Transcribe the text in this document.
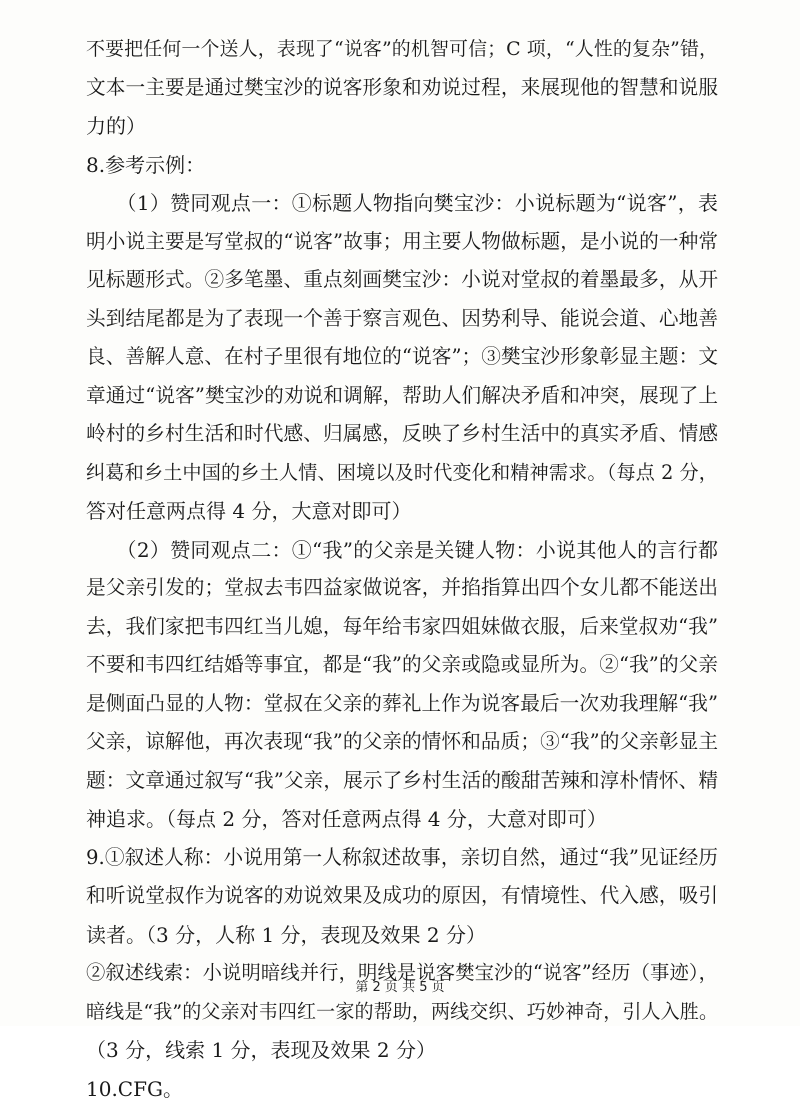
不要把任何一个送人，表现了“说客”的机智可信；C 项，“人性的复杂”错，
文本一主要是通过樊宝沙的说客形象和劝说过程，来展现他的智慧和说服
力的）
8.参考示例：
　　（1）赞同观点一：①标题人物指向樊宝沙：小说标题为“说客”，表
明小说主要是写堂叔的“说客”故事；用主要人物做标题，是小说的一种常
见标题形式。②多笔墨、重点刻画樊宝沙：小说对堂叔的着墨最多，从开
头到结尾都是为了表现一个善于察言观色、因势利导、能说会道、心地善
良、善解人意、在村子里很有地位的“说客”；③樊宝沙形象彰显主题：文
章通过“说客”樊宝沙的劝说和调解，帮助人们解决矛盾和冲突，展现了上
岭村的乡村生活和时代感、归属感，反映了乡村生活中的真实矛盾、情感
纠葛和乡土中国的乡土人情、困境以及时代变化和精神需求。（每点 2 分，
答对任意两点得 4 分，大意对即可）
　　（2）赞同观点二：①“我”的父亲是关键人物：小说其他人的言行都
是父亲引发的；堂叔去韦四益家做说客，并掐指算出四个女儿都不能送出
去，我们家把韦四红当儿媳，每年给韦家四姐妹做衣服，后来堂叔劝“我”
不要和韦四红结婚等事宜，都是“我”的父亲或隐或显所为。②“我”的父亲
是侧面凸显的人物：堂叔在父亲的葬礼上作为说客最后一次劝我理解“我”
父亲，谅解他，再次表现“我”的父亲的情怀和品质；③“我”的父亲彰显主
题：文章通过叙写“我”父亲，展示了乡村生活的酸甜苦辣和淳朴情怀、精
神追求。（每点 2 分，答对任意两点得 4 分，大意对即可）
9.①叙述人称：小说用第一人称叙述故事，亲切自然，通过“我”见证经历
和听说堂叔作为说客的劝说效果及成功的原因，有情境性、代入感，吸引
读者。（3 分，人称 1 分，表现及效果 2 分）
②叙述线索：小说明暗线并行，明线是说客樊宝沙的“说客”经历（事迹），
暗线是“我”的父亲对韦四红一家的帮助，两线交织、巧妙神奇，引人入胜。
（3 分，线索 1 分，表现及效果 2 分）
10.CFG。
第 2 页 共 5 页
